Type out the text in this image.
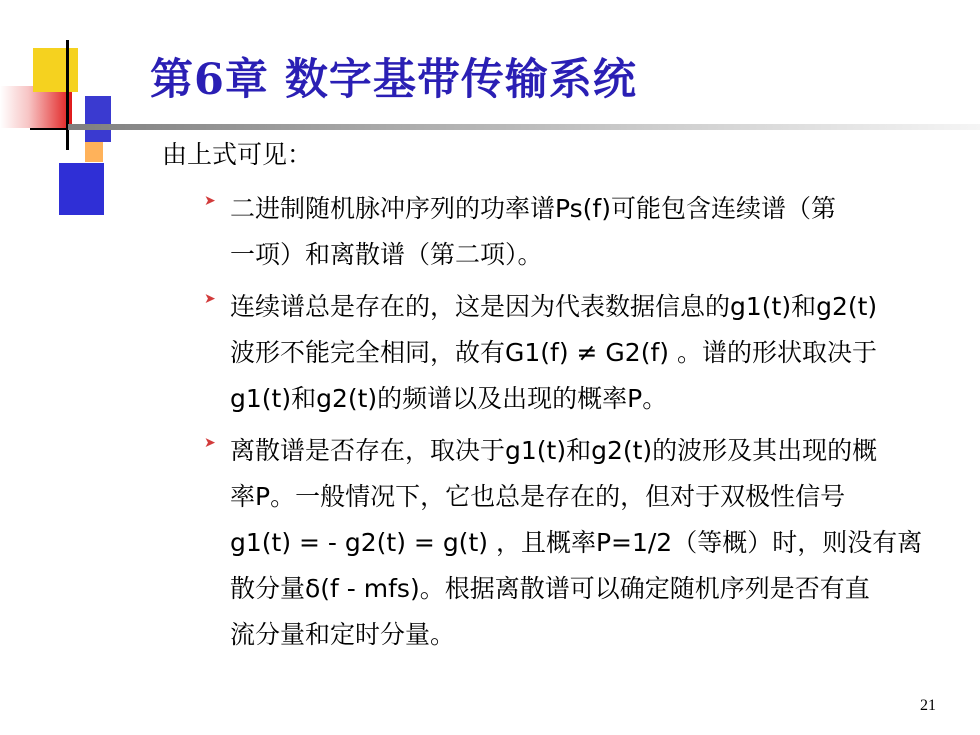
第6章 数字基带传输系统

由上式可见：

➤ 二进制随机脉冲序列的功率谱Ps(f)可能包含连续谱（第
一项）和离散谱（第二项）。
➤ 连续谱总是存在的，这是因为代表数据信息的g1(t)和g2(t)
波形不能完全相同，故有G1(f) ≠ G2(f) 。谱的形状取决于
g1(t)和g2(t)的频谱以及出现的概率P。
➤ 离散谱是否存在，取决于g1(t)和g2(t)的波形及其出现的概
率P。一般情况下，它也总是存在的，但对于双极性信号
g1(t) = - g2(t) = g(t) ，且概率P=1/2（等概）时，则没有离
散分量δ(f - mfs)。根据离散谱可以确定随机序列是否有直
流分量和定时分量。
21
